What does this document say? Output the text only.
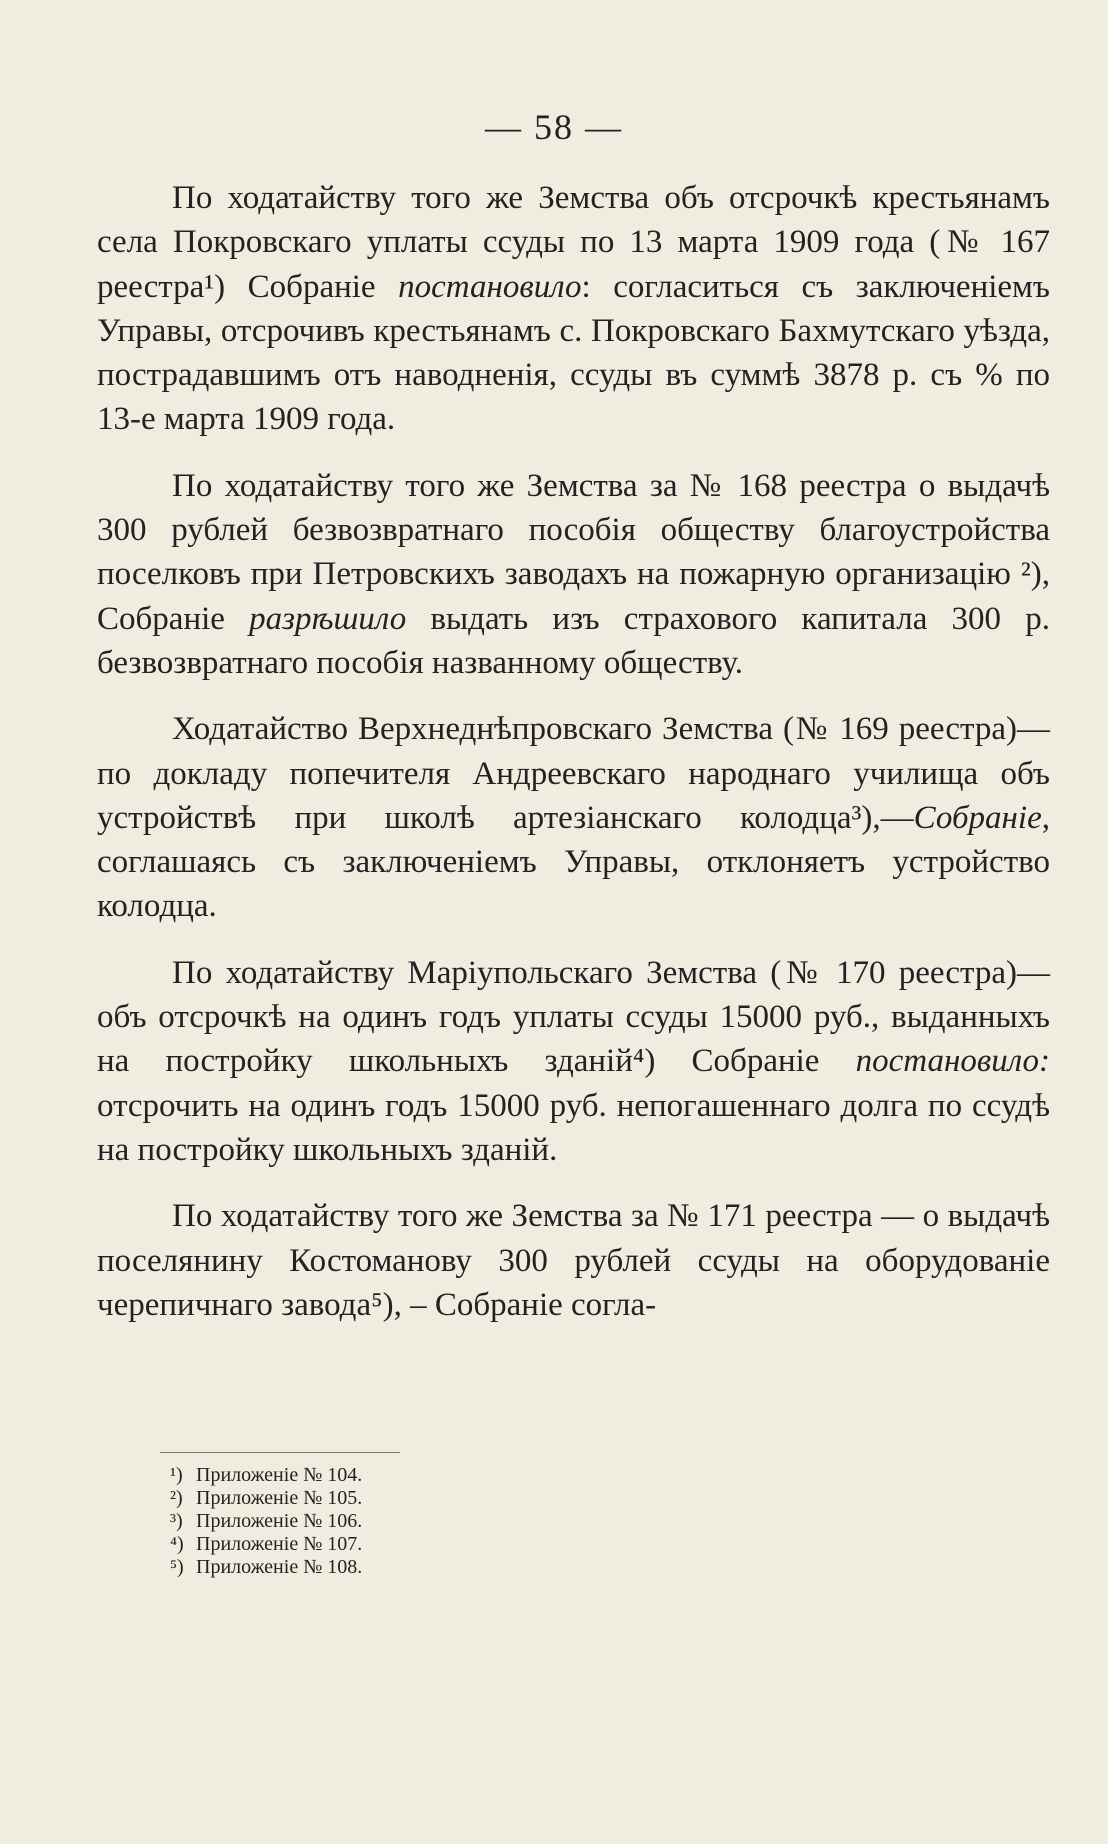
— 58 —

По ходатайству того же Земства объ отсрочкѣ крестьянамъ села Покровскаго уплаты ссуды по 13 марта 1909 года (№ 167 реестра¹) Собраніе постановило: согласиться съ заключеніемъ Управы, отсрочивъ крестьянамъ с. Покровскаго Бахмутскаго уѣзда, пострадавшимъ отъ наводненія, ссуды въ суммѣ 3878 р. съ % по 13-е марта 1909 года.

По ходатайству того же Земства за № 168 реестра о выдачѣ 300 рублей безвозвратнаго пособія обществу благоустройства поселковъ при Петровскихъ заводахъ на пожарную организацію ²), Собраніе разрѣшило выдать изъ страхового капитала 300 р. безвозвратнаго пособія названному обществу.

Ходатайство Верхнеднѣпровскаго Земства (№ 169 реестра)—по докладу попечителя Андреевскаго народнаго училища объ устройствѣ при школѣ артезіанскаго колодца³),—Собраніе, соглашаясь съ заключеніемъ Управы, отклоняетъ устройство колодца.

По ходатайству Маріупольскаго Земства (№ 170 реестра)—объ отсрочкѣ на одинъ годъ уплаты ссуды 15000 руб., выданныхъ на постройку школьныхъ зданій⁴) Собраніе постановило: отсрочить на одинъ годъ 15000 руб. непогашеннаго долга по ссудѣ на постройку школьныхъ зданій.

По ходатайству того же Земства за № 171 реестра — о выдачѣ поселянину Костоманову 300 рублей ссуды на оборудованіе черепичнаго завода⁵), – Собраніе согла-

¹) Приложеніе № 104.
²) Приложеніе № 105.
³) Приложеніе № 106.
⁴) Приложеніе № 107.
⁵) Приложеніе № 108.
